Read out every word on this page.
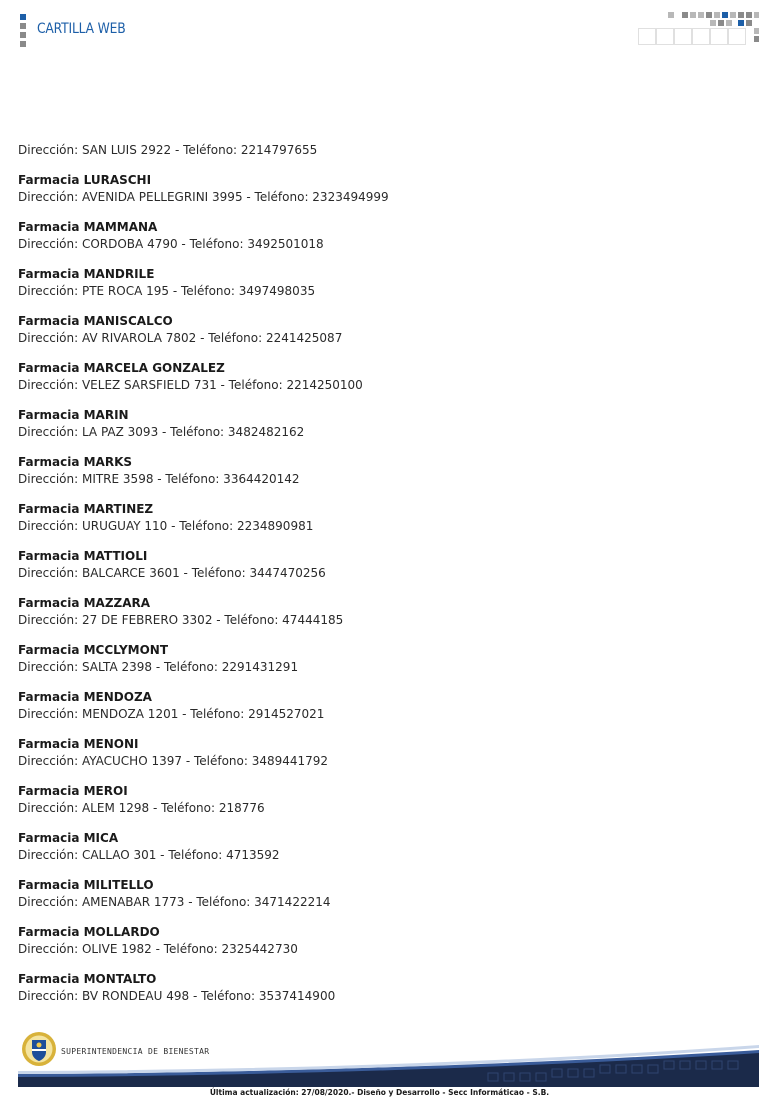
CARTILLA WEB
Dirección: SAN LUIS 2922 - Teléfono: 2214797655
Farmacia LURASCHI
Dirección: AVENIDA PELLEGRINI 3995 - Teléfono: 2323494999
Farmacia MAMMANA
Dirección: CORDOBA 4790 - Teléfono: 3492501018
Farmacia MANDRILE
Dirección: PTE ROCA 195 - Teléfono: 3497498035
Farmacia MANISCALCO
Dirección: AV RIVAROLA 7802 - Teléfono: 2241425087
Farmacia MARCELA GONZALEZ
Dirección: VELEZ SARSFIELD 731 - Teléfono: 2214250100
Farmacia MARIN
Dirección: LA PAZ 3093 - Teléfono: 3482482162
Farmacia MARKS
Dirección: MITRE 3598 - Teléfono: 3364420142
Farmacia MARTINEZ
Dirección: URUGUAY 110 - Teléfono: 2234890981
Farmacia MATTIOLI
Dirección: BALCARCE 3601 - Teléfono: 3447470256
Farmacia MAZZARA
Dirección: 27 DE FEBRERO 3302 - Teléfono: 47444185
Farmacia MCCLYMONT
Dirección: SALTA 2398 - Teléfono: 2291431291
Farmacia MENDOZA
Dirección: MENDOZA 1201 - Teléfono: 2914527021
Farmacia MENONI
Dirección: AYACUCHO 1397 - Teléfono: 3489441792
Farmacia MEROI
Dirección: ALEM 1298 - Teléfono: 218776
Farmacia MICA
Dirección: CALLAO 301 - Teléfono: 4713592
Farmacia MILITELLO
Dirección: AMENABAR 1773 - Teléfono: 3471422214
Farmacia MOLLARDO
Dirección: OLIVE 1982 - Teléfono: 2325442730
Farmacia MONTALTO
Dirección: BV RONDEAU 498 - Teléfono: 3537414900
SUPERINTENDENCIA DE BIENESTAR
Última actualización: 27/08/2020.- Diseño y Desarrollo - Secc Informáticao - S.B.
